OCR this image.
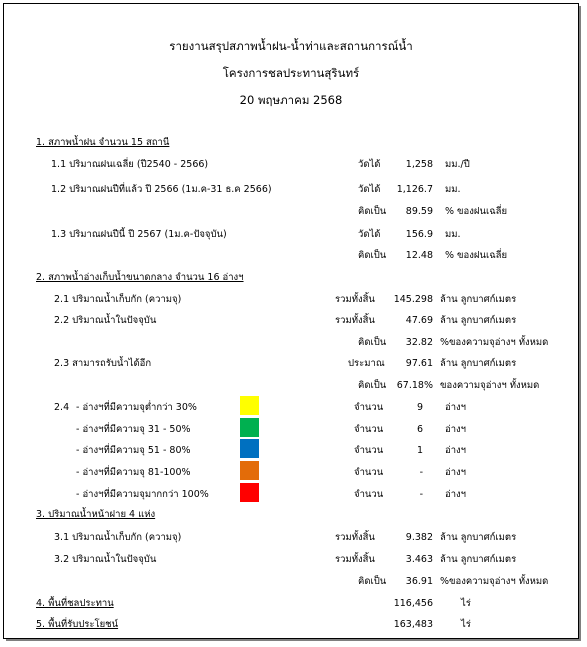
รายงานสรุปสภาพน้ำฝน-น้ำท่าและสถานการณ์น้ำ
โครงการชลประทานสุรินทร์
20 พฤษภาคม 2568
1. สภาพน้ำฝน จำนวน 15 สถานี
1.1 ปริมาณฝนเฉลี่ย (ปี2540 - 2566)	วัดได้	1,258 มม./ปี
1.2 ปริมาณฝนปีที่แล้ว ปี 2566 (1ม.ค-31 ธ.ค 2566)	วัดได้	1,126.7 มม.
คิดเป็น	89.59 % ของฝนเฉลี่ย
1.3 ปริมาณฝนปีนี้ ปี 2567 (1ม.ค-ปัจจุบัน)	วัดได้	156.9 มม.
คิดเป็น	12.48 % ของฝนเฉลี่ย
2. สภาพน้ำอ่างเก็บน้ำขนาดกลาง จำนวน 16 อ่างฯ
2.1 ปริมาณน้ำเก็บกัก (ความจุ)	รวมทั้งสิ้น	145.298 ล้าน ลูกบาศก์เมตร
2.2 ปริมาณน้ำในปัจจุบัน	รวมทั้งสิ้น	47.69 ล้าน ลูกบาศก์เมตร
คิดเป็น	32.82 %ของความจุอ่างฯ ทั้งหมด
2.3 สามารถรับน้ำได้อีก	ประมาณ	97.61 ล้าน ลูกบาศก์เมตร
คิดเป็น	67.18% ของความจุอ่างฯ ทั้งหมด
2.4 - อ่างฯที่มีความจุต่ำกว่า 30%	จำนวน	9 อ่างฯ
- อ่างฯที่มีความจุ 31 - 50%	จำนวน	6 อ่างฯ
- อ่างฯที่มีความจุ 51 - 80%	จำนวน	1 อ่างฯ
- อ่างฯที่มีความจุ 81-100%	จำนวน	- อ่างฯ
- อ่างฯที่มีความจุมากกว่า 100%	จำนวน	- อ่างฯ
3. ปริมาณน้ำหน้าฝาย 4 แห่ง
3.1 ปริมาณน้ำเก็บกัก (ความจุ)	รวมทั้งสิ้น	9.382 ล้าน ลูกบาศก์เมตร
3.2 ปริมาณน้ำในปัจจุบัน	รวมทั้งสิ้น	3.463 ล้าน ลูกบาศก์เมตร
คิดเป็น	36.91 %ของความจุอ่างฯ ทั้งหมด
4. พื้นที่ชลประทาน	116,456	ไร่
5. พื้นที่รับประโยชน์	163,483	ไร่
